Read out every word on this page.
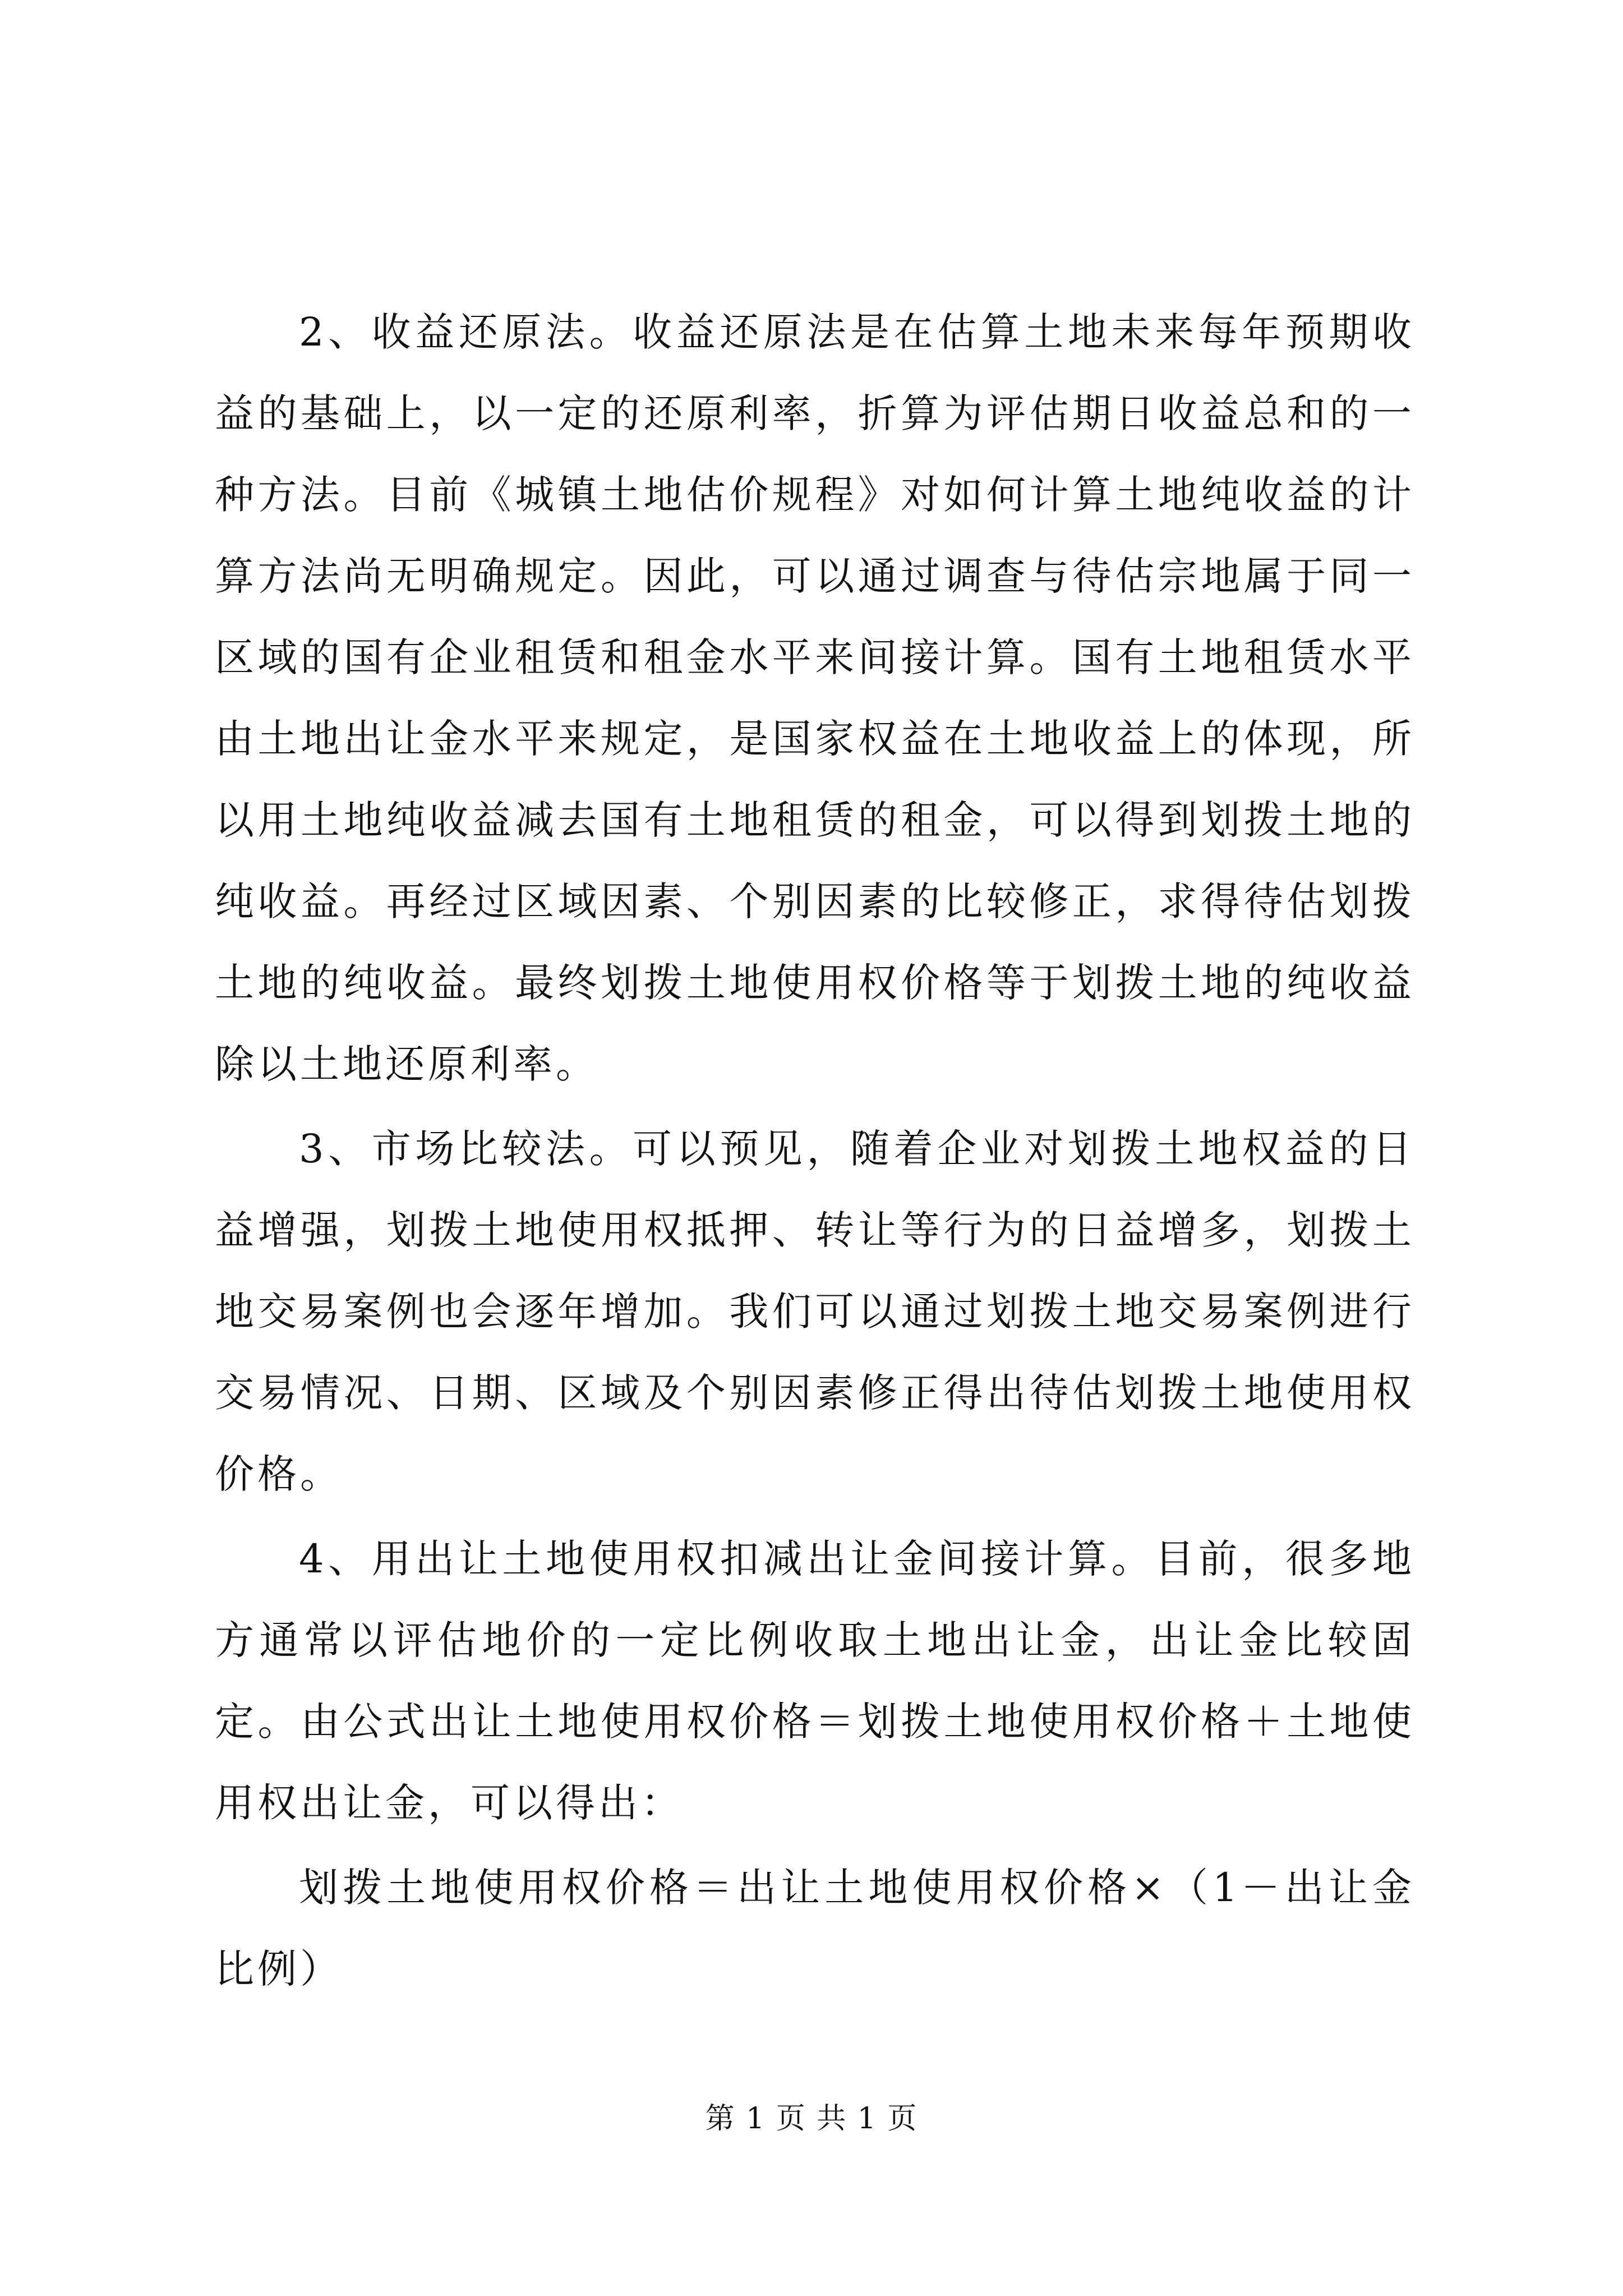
2、收益还原法。收益还原法是在估算土地未来每年预期收益的基础上，以一定的还原利率，折算为评估期日收益总和的一种方法。目前《城镇土地估价规程》对如何计算土地纯收益的计算方法尚无明确规定。因此，可以通过调查与待估宗地属于同一区域的国有企业租赁和租金水平来间接计算。国有土地租赁水平由土地出让金水平来规定，是国家权益在土地收益上的体现，所以用土地纯收益减去国有土地租赁的租金，可以得到划拨土地的纯收益。再经过区域因素、个别因素的比较修正，求得待估划拨土地的纯收益。最终划拨土地使用权价格等于划拨土地的纯收益除以土地还原利率。

3、市场比较法。可以预见，随着企业对划拨土地权益的日益增强，划拨土地使用权抵押、转让等行为的日益增多，划拨土地交易案例也会逐年增加。我们可以通过划拨土地交易案例进行交易情况、日期、区域及个别因素修正得出待估划拨土地使用权价格。

4、用出让土地使用权扣减出让金间接计算。目前，很多地方通常以评估地价的一定比例收取土地出让金，出让金比较固定。由公式出让土地使用权价格＝划拨土地使用权价格＋土地使用权出让金，可以得出：

划拨土地使用权价格＝出让土地使用权价格×（1－出让金比例）

第 1 页 共 1 页
